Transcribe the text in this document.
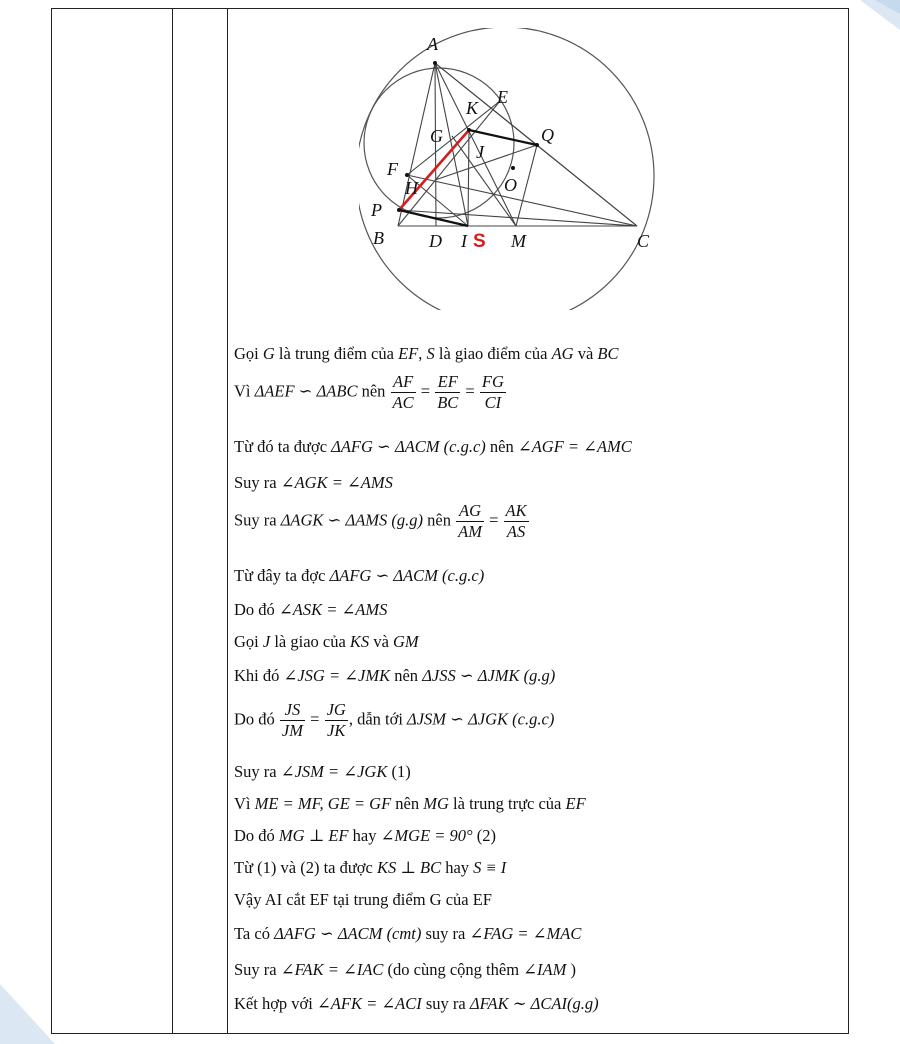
A
E
K
G	Q
J
O
F
H
P
B	D I M	C
S
Gọi G là trung điểm của EF, S là giao điểm của AG và BC
Vì ΔAEF ∽ ΔABC nên $\frac{AF}{AC} = \frac{EF}{BC} = \frac{FG}{CI}$
Từ đó ta được ΔAFG ∽ ΔACM (c.g.c) nên ∠AGF = ∠AMC
Suy ra ∠AGK = ∠AMS
Suy ra ΔAGK ∽ ΔAMS (g.g) nên $\frac{AG}{AM} = \frac{AK}{AS}$
Từ đây ta đợc ΔAFG ∽ ΔACM (c.g.c)
Do đó ∠ASK = ∠AMS
Gọi J là giao của KS và GM
Khi đó ∠JSG = ∠JMK nên ΔJSS ∽ ΔJMK (g.g)
Do đó $\frac{JS}{JM} = \frac{JG}{JK}$ , dẫn tới ΔJSM ∽ ΔJGK (c.g.c)
Suy ra ∠JSM = ∠JGK (1)
Vì ME = MF, GE = GF nên MG là trung trực của EF
Do đó MG ⊥ EF hay ∠MGE = 90° (2)
Từ (1) và (2) ta được KS ⊥ BC hay S ≡ I
Vậy AI cắt EF tại trung điểm G của EF
Ta có ΔAFG ∽ ΔACM (cmt) suy ra ∠FAG = ∠MAC
Suy ra ∠FAK = ∠IAC (do cùng cộng thêm ∠IAM )
Kết hợp với ∠AFK = ∠ACI suy ra ΔFAK ∼ ΔCAI(g.g)
